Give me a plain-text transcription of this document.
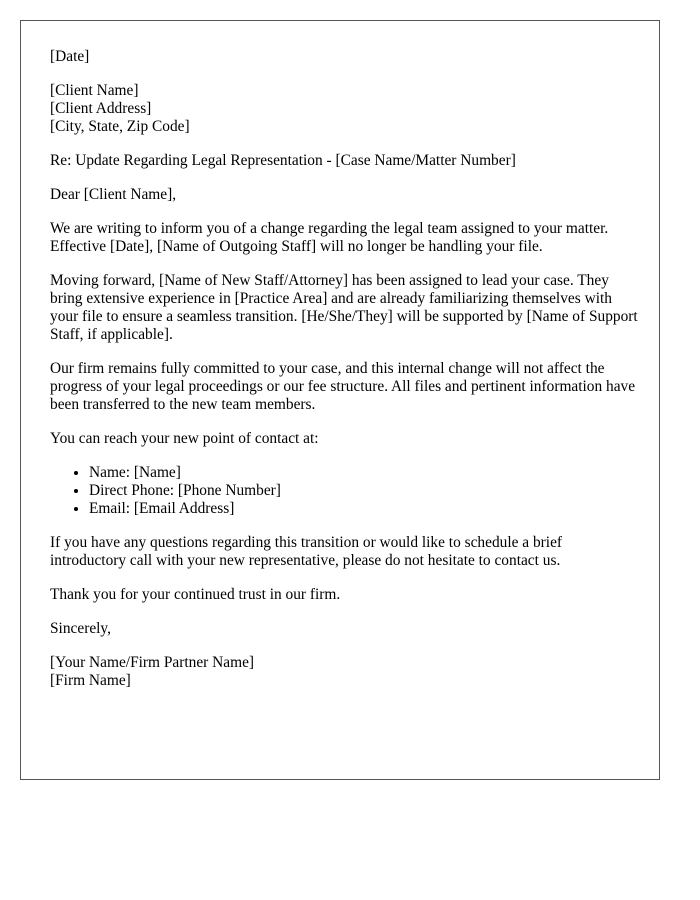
[Date]

[Client Name]
[Client Address]
[City, State, Zip Code]

Re: Update Regarding Legal Representation - [Case Name/Matter Number]

Dear [Client Name],

We are writing to inform you of a change regarding the legal team assigned to your matter. Effective [Date], [Name of Outgoing Staff] will no longer be handling your file.

Moving forward, [Name of New Staff/Attorney] has been assigned to lead your case. They bring extensive experience in [Practice Area] and are already familiarizing themselves with your file to ensure a seamless transition. [He/She/They] will be supported by [Name of Support Staff, if applicable].

Our firm remains fully committed to your case, and this internal change will not affect the progress of your legal proceedings or our fee structure. All files and pertinent information have been transferred to the new team members.

You can reach your new point of contact at:

• Name: [Name]
• Direct Phone: [Phone Number]
• Email: [Email Address]

If you have any questions regarding this transition or would like to schedule a brief introductory call with your new representative, please do not hesitate to contact us.

Thank you for your continued trust in our firm.

Sincerely,

[Your Name/Firm Partner Name]
[Firm Name]
